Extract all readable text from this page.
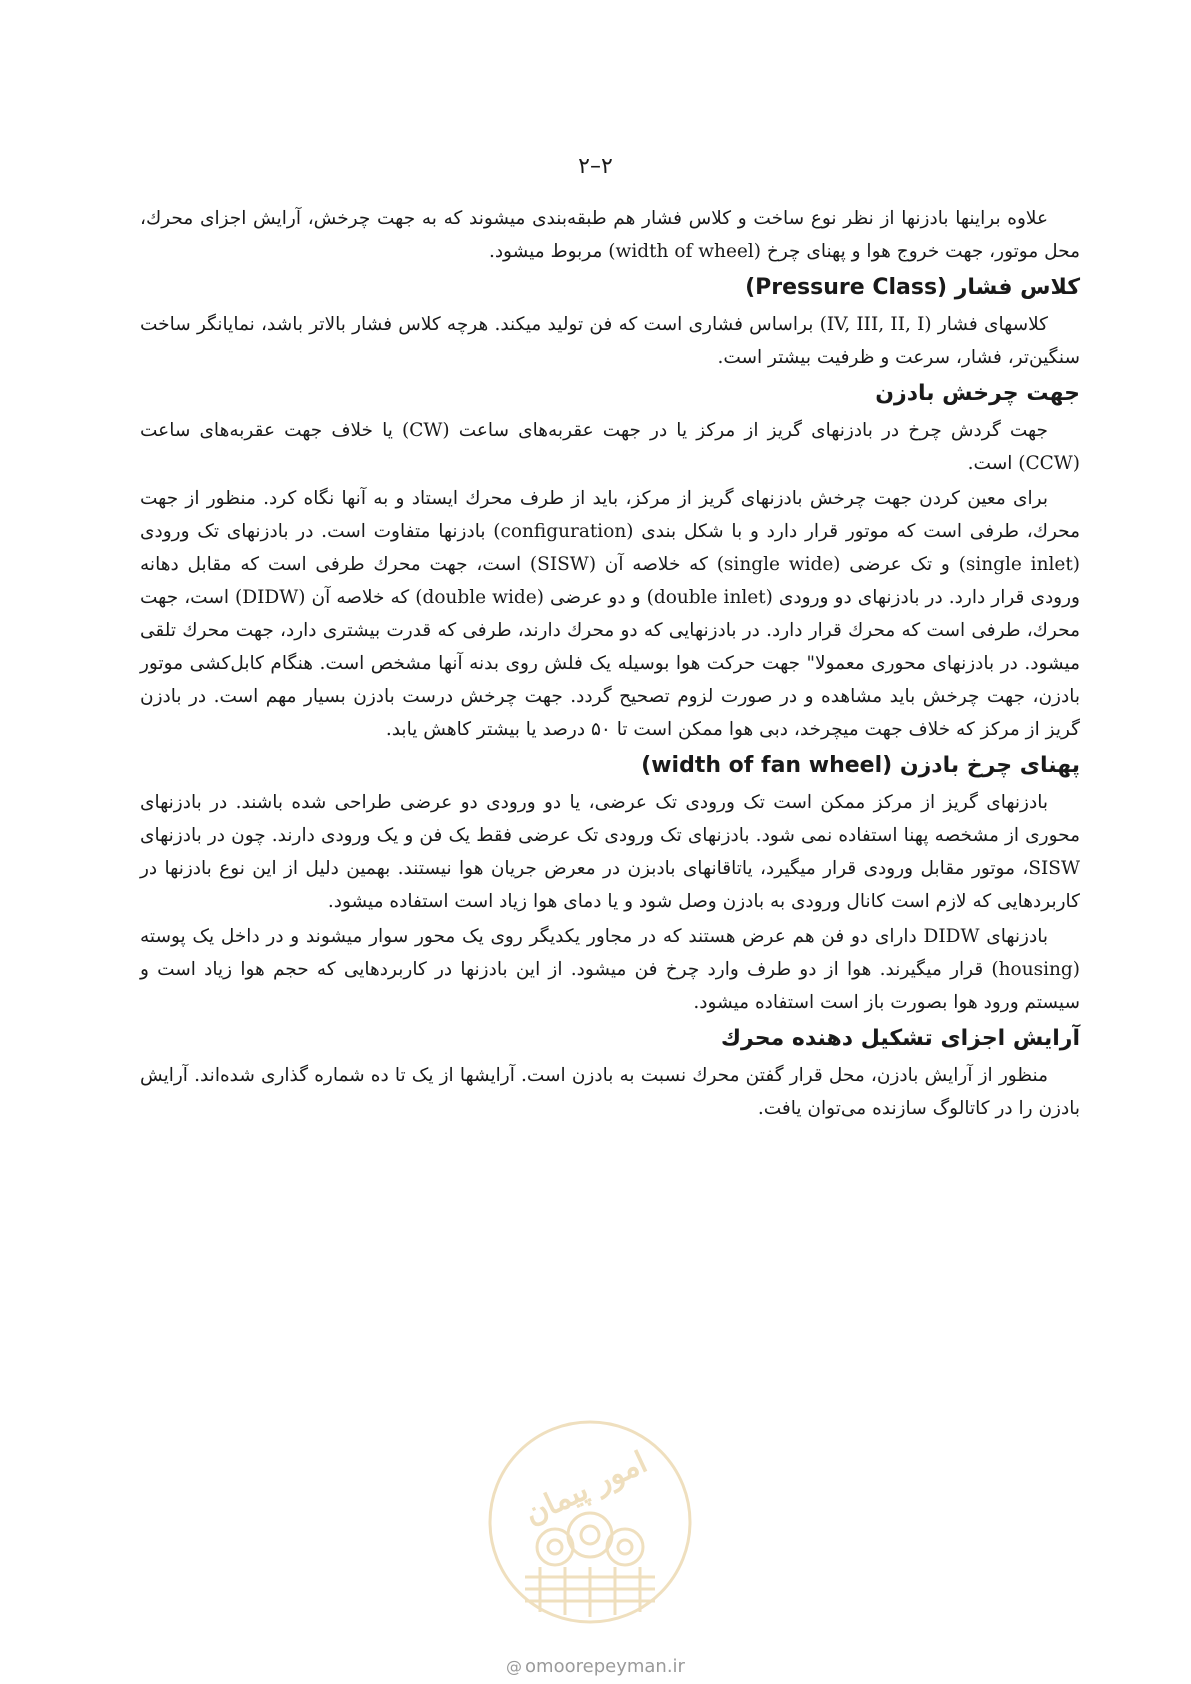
۲–۲

علاوه براینها بادزنها از نظر نوع ساخت و کلاس فشار هم طبقه‌بندی میشوند که به جهت چرخش، آرایش اجزای محرك، محل موتور، جهت خروج هوا و پهنای چرخ (width of wheel) مربوط میشود.

کلاس فشار (Pressure Class)

کلاسهای فشار (IV, III, II, I) براساس فشاری است که فن تولید میکند. هرچه کلاس فشار بالاتر باشد، نمایانگر ساخت سنگین‌تر، فشار، سرعت و ظرفیت بیشتر است.

جهت چرخش بادزن

جهت گردش چرخ در بادزنهای گریز از مرکز یا در جهت عقربه‌های ساعت (CW) یا خلاف جهت عقربه‌های ساعت (CCW) است.

برای معین کردن جهت چرخش بادزنهای گریز از مرکز، باید از طرف محرك ایستاد و به آنها نگاه کرد. منظور از جهت محرك، طرفی است که موتور قرار دارد و با شکل بندی (configuration) بادزنها متفاوت است. در بادزنهای تک ورودی (single inlet) و تک عرضی (single wide) که خلاصه آن (SISW) است، جهت محرك طرفی است که مقابل دهانه ورودی قرار دارد. در بادزنهای دو ورودی (double inlet) و دو عرضی (double wide) که خلاصه آن (DIDW) است، جهت محرك، طرفی است که محرك قرار دارد. در بادزنهایی که دو محرك دارند، طرفی که قدرت بیشتری دارد، جهت محرك تلقی میشود. در بادزنهای محوری معمولا" جهت حرکت هوا بوسیله یک فلش روی بدنه آنها مشخص است. هنگام کابل‌کشی موتور بادزن، جهت چرخش باید مشاهده و در صورت لزوم تصحیح گردد. جهت چرخش درست بادزن بسیار مهم است. در بادزن گریز از مرکز که خلاف جهت میچرخد، دبی هوا ممکن است تا ۵۰ درصد یا بیشتر کاهش یابد.

پهنای چرخ بادزن (width of fan wheel)

بادزنهای گریز از مرکز ممکن است تک ورودی تک عرضی، یا دو ورودی دو عرضی طراحی شده باشند. در بادزنهای محوری از مشخصه پهنا استفاده نمی شود. بادزنهای تک ورودی تک عرضی فقط یک فن و یک ورودی دارند. چون در بادزنهای SISW، موتور مقابل ورودی قرار میگیرد، یاتاقانهای بادبزن در معرض جریان هوا نیستند. بهمین دلیل از این نوع بادزنها در کاربردهایی که لازم است کانال ورودی به بادزن وصل شود و یا دمای هوا زیاد است استفاده میشود.

بادزنهای DIDW دارای دو فن هم عرض هستند که در مجاور یکدیگر روی یک محور سوار میشوند و در داخل یک پوسته (housing) قرار میگیرند. هوا از دو طرف وارد چرخ فن میشود. از این بادزنها در کاربردهایی که حجم هوا زیاد است و سیستم ورود هوا بصورت باز است استفاده میشود.

آرایش اجزای تشکیل دهنده محرك

منظور از آرایش بادزن، محل قرار گفتن محرك نسبت به بادزن است. آرایشها از یک تا ده شماره گذاری شده‌اند. آرایش بادزن را در کاتالوگ سازنده می‌توان یافت.

امور پیمان
@ omoorepeyman.ir
